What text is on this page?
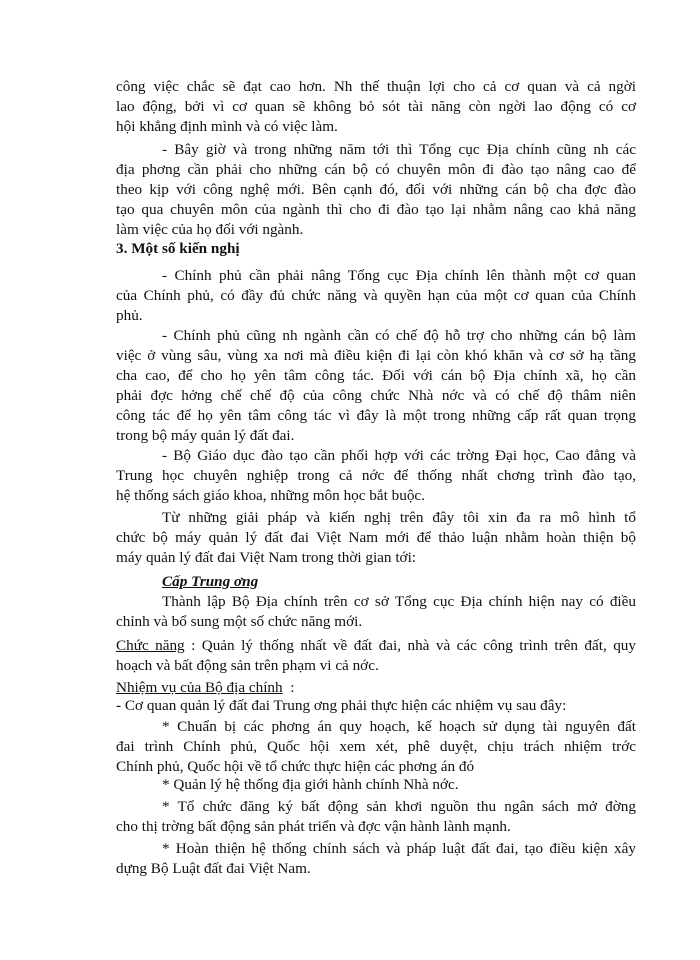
công việc chắc sẽ đạt cao hơn. Nh thế thuận lợi cho cả cơ quan và cả ngời
lao động, bởi vì cơ quan sẽ không bỏ sót tài năng còn ngời lao động có cơ
hội khẳng định mình và có việc làm.
- Bây giờ và trong những năm tới thì Tổng cục Địa chính cũng nh các
địa phơng cần phải cho những cán bộ có chuyên môn đi đào tạo nâng cao để
theo kịp với công nghệ mới. Bên cạnh đó, đối với những cán bộ cha đợc đào
tạo qua chuyên môn của ngành thì cho đi đào tạo lại nhằm nâng cao khả năng
làm việc của họ đối với ngành.
3. Một số kiến nghị
- Chính phủ cần phải nâng Tổng cục Địa chính lên thành một cơ quan
của Chính phủ, có đầy đủ chức năng và quyền hạn của một cơ quan của Chính
phủ.
- Chính phủ cũng nh ngành cần có chế độ hỗ trợ cho những cán bộ làm
việc ở vùng sâu, vùng xa nơi mà điều kiện đi lại còn khó khăn và cơ sở hạ tầng
cha cao, để cho họ yên tâm công tác. Đối với cán bộ Địa chính xã, họ cần
phải đợc hởng chế chế độ của công chức Nhà nớc và có chế độ thâm niên
công tác để họ yên tâm công tác vì đây là một trong những cấp rất quan trọng
trong bộ máy quản lý đất đai.
- Bộ Giáo dục đào tạo cần phối hợp với các trờng Đại học, Cao đẳng và
Trung học chuyên nghiệp trong cả nớc để thống nhất chơng trình đào tạo,
hệ thống sách giáo khoa, những môn học bắt buộc.
Từ những giải pháp và kiến nghị trên đây tôi xin đa ra mô hình tổ
chức bộ máy quản lý đất đai Việt Nam mới để thảo luận nhằm hoàn thiện bộ
máy quản lý đất đai Việt Nam trong thời gian tới:
Cấp Trung ơng
Thành lập Bộ Địa chính trên cơ sở Tổng cục Địa chính hiện nay có điều
chỉnh và bổ sung một số chức năng mới.
Chức năng : Quản lý thống nhất về đất đai, nhà và các công trình trên đất, quy
hoạch và bất động sản trên phạm vi cả nớc.
Nhiệm vụ của Bộ địa chính  :
- Cơ quan quản lý đất đai Trung ơng phải thực hiện các nhiệm vụ sau đây:
* Chuẩn bị các phơng án quy hoạch, kế hoạch sử dụng tài nguyên đất
đai trình Chính phủ, Quốc hội xem xét, phê duyệt, chịu trách nhiệm trớc
Chính phủ, Quốc hội về tổ chức thực hiện các phơng án đó
* Quản lý hệ thống địa giới hành chính Nhà nớc.
* Tổ chức đăng ký bất động sản khơi nguồn thu ngân sách mở đờng
cho thị trờng bất động sản phát triển và đợc vận hành lành mạnh.
* Hoàn thiện hệ thống chính sách và pháp luật đất đai, tạo điều kiện xây
dựng Bộ Luật đất đai Việt Nam.
